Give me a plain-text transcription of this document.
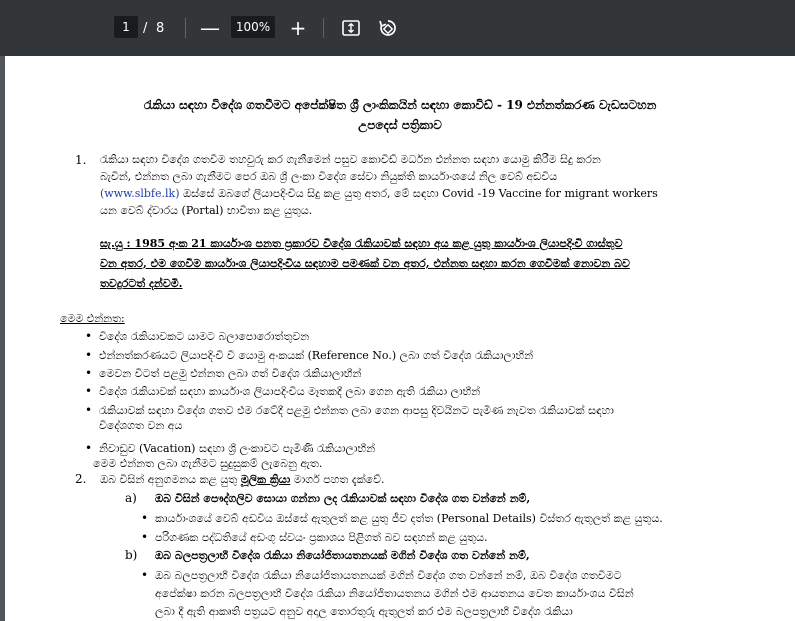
1	/ 8 —	100% +
රැකියා සඳහා විදේශ ගතවීමට අපේක්ෂිත ශ්‍රී ලාංකිකයින් සඳහා කොවිඩ් - 19 එන්නත්කරණ වැඩසටහන
උපදෙස් පත්‍රිකාව
1. රැකියා සඳහා විදේශ ගතවීම තහවුරු කර ගැනීමෙන් පසුව කොවිඩ් මර්ධන එන්නත සඳහා යොමු කිරීම සිදු කරන
බැවින්, එන්නත ලබා ගැනීමට පෙර ඔබ ශ්‍රී ලංකා විදේශ සේවා නියුක්ති කාර්යාංශයේ නිල වෙබ් අඩවිය
(www.slbfe.lk) ඔස්සේ ඔබගේ ලියාපදිංචිය සිදු කළ යුතු අතර, මේ සඳහා Covid -19 Vaccine for migrant workers
යන වෙබ් ද්වාරය (Portal) භාවිතා කළ යුතුය.
සැ.යු : 1985 අංක 21 කාර්යාංශ පනත ප්‍රකාරව විදේශ රැකියාවක් සඳහා අය කළ යුතු කාර්යාංශ ලියාපදිංචි ගාස්තුව
වන අතර, එම ගෙවීම කාර්යාංශ ලියාපදිංචිය සඳහාම පමණක් වන අතර, එන්නත සඳහා කරන ගෙවීමක් නොවන බව
තවදුරටත් දන්වමි.
මෙම එන්නත:
• විදේශ රැකියාවකට යාමට බලාපොරොත්තුවන
• එන්නත්කරණයට ලියාපදිංචි වී යොමු අංකයක් (Reference No.) ලබා ගත් විදේශ රැකියාලාභීන්
• මෙවන විටත් පළමු එන්නත ලබා ගත් විදේශ රැකියාලාභීන්
• විදේශ රැකියාවක් සඳහා කාර්යාංශ ලියාපදිංචිය මෑතකදී ලබා ගෙන ඇති රැකියා ලාභීන්
• රැකියාවක් සඳහා විදේශ ගතව එම රටේදී පළමු එන්නත ලබා ගෙන ආපසු දිවයිනට පැමිණ නැවත රැකියාවක් සඳහා
විදේශගත වන අය
• නිවාඩුව (Vacation) සඳහා ශ්‍රී ලංකාවට පැමිණි රැකියාලාභීන්
මෙම එන්නත ලබා ගැනීමට සුදුසුකම් ලැබෙනු ඇත.
2. ඔබ විසින් අනුගමනය කළ යුතු මූලික ක්‍රියා මාර්ග පහත දැක්වේ.
a) ඔබ විසින් පෞද්ගලිව සොයා ගන්නා ලද රැකියාවක් සඳහා විදේශ ගත වන්නේ නම්,
• කාර්යාංශයේ වෙබ් අඩවිය ඔස්සේ ඇතුලත් කළ යුතු ජීව දත්ත (Personal Details) විස්තර ඇතුලත් කළ යුතුය.
• පරිගණක පද්ධතියේ අඩංගු ස්වයං ප්‍රකාශය පිළිගත් බව සඳහන් කළ යුතුය.
b) ඔබ බලපත්‍රලාභී විදේශ රැකියා නියෝජිතායතනයක් මගින් විදේශ ගත වන්නේ නම්,
• ඔබ බලපත්‍රලාභී විදේශ රැකියා නියෝජිතායතනයක් මගින් විදේශ ගත වන්නේ නම්, ඔබ විදේශ ගතවීමට
අපේක්ෂා කරන බලපත්‍රලාභී විදේශ රැකියා නියෝජිතායතනය මගින් එම ආයතනය වෙත කාර්යාංශය විසින්
ලබා දී ඇති ආකෘති පත්‍රයට අනුව අදාල තොරතුරු ඇතුලත් කර එම බලපත්‍රලාභී විදේශ රැකියා
